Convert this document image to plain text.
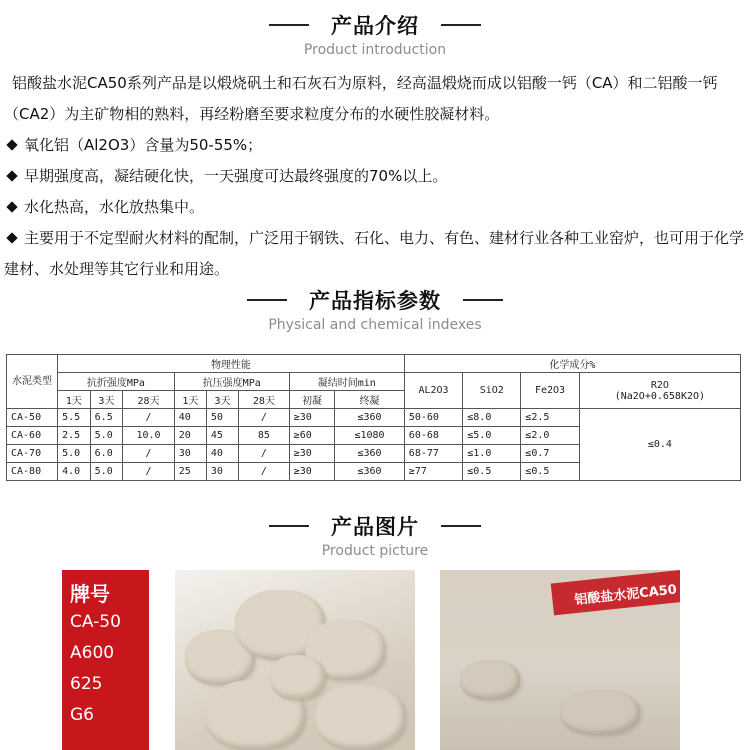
产品介绍
Product introduction

铝酸盐水泥CA50系列产品是以煅烧矾土和石灰石为原料，经高温煅烧而成以铝酸一钙（CA）和二铝酸一钙（CA2）为主矿物相的熟料，再经粉磨至要求粒度分布的水硬性胶凝材料。

氧化铝（Al2O3）含量为50-55%；

早期强度高，凝结硬化快，一天强度可达最终强度的70%以上。

水化热高，水化放热集中。

主要用于不定型耐火材料的配制，广泛用于钢铁、石化、电力、有色、建材行业各种工业窑炉，也可用于化学建材、水处理等其它行业和用途。

产品指标参数
Physical and chemical indexes
水泥类型	物理性能								化学成分%			
	抗折强度MPa			抗压强度MPa			凝结时间min		AL2O3	SiO2	Fe2O3	R2O
(Na2O+0.658K2O)

	1天	3天	28天	1天	3天	28天	初凝	终凝				
CA-50	5.5	6.5	/	40	50	/	≥30	≤360	50-60	≤8.0	≤2.5	≤0.4
CA-60	2.5	5.0	10.0	20	45	85	≥60	≤1080	60-68	≤5.0	≤2.0	
CA-70	5.0	6.0	/	30	40	/	≥30	≤360	68-77	≤1.0	≤0.7	
CA-80	4.0	5.0	/	25	30	/	≥30	≤360	≥77	≤0.5	≤0.5	
产品图片
Product picture
牌号
CA-50
A600
625
G6
铝酸盐水泥CA50
